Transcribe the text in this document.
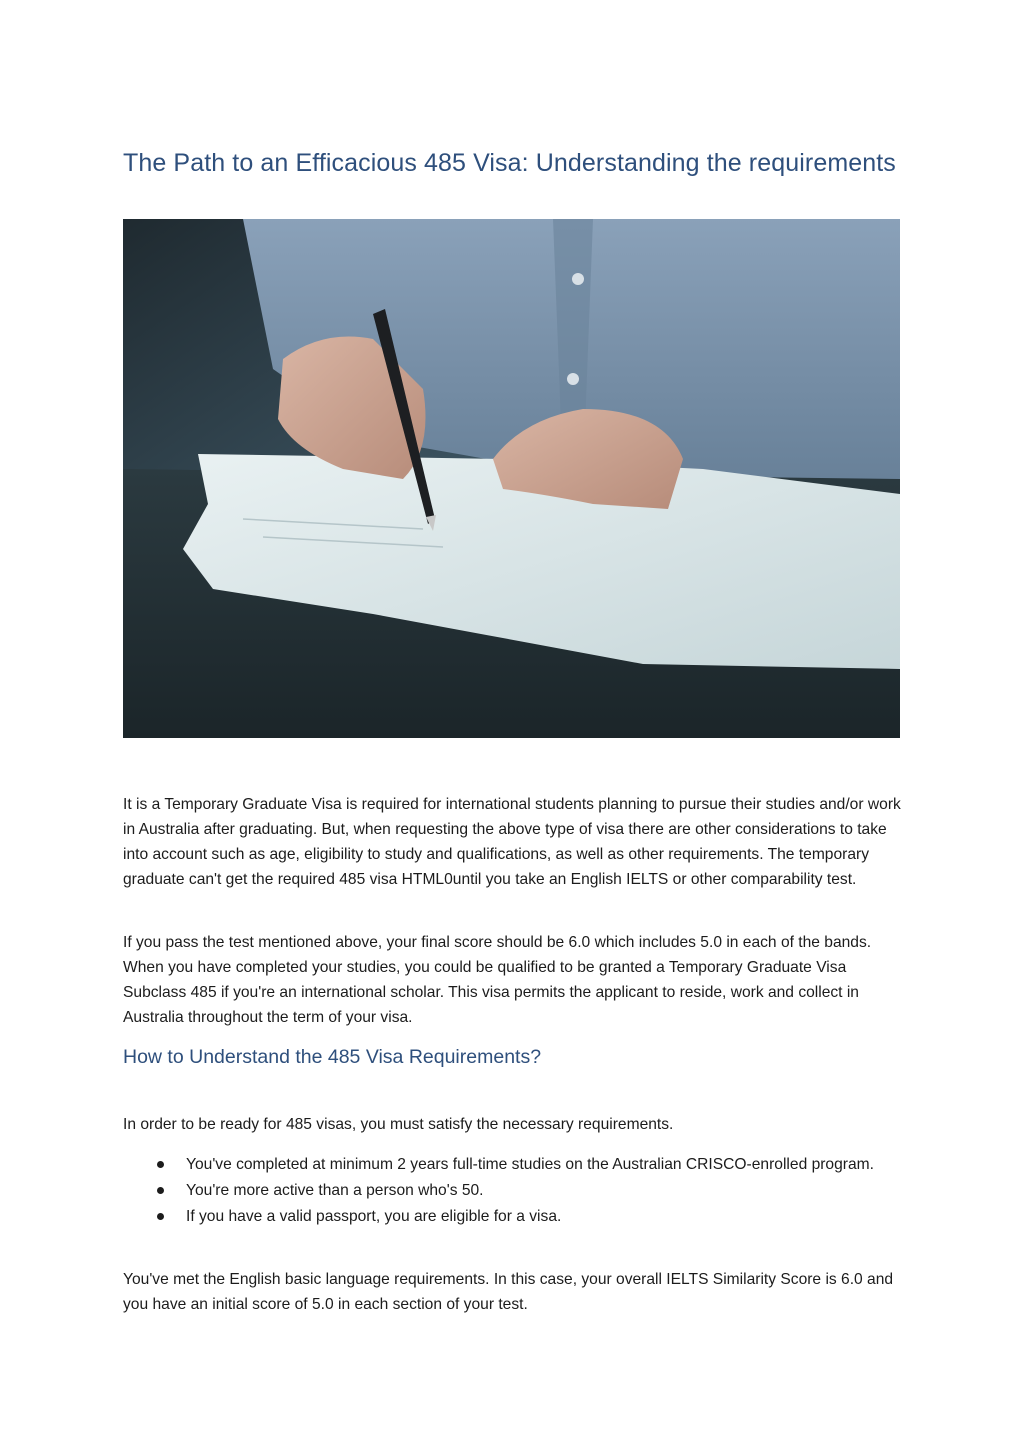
The Path to an Efficacious 485 Visa: Understanding the requirements

It is a Temporary Graduate Visa is required for international students planning to pursue their studies and/or work in Australia after graduating. But, when requesting the above type of visa there are other considerations to take into account such as age, eligibility to study and qualifications, as well as other requirements. The temporary graduate can't get the required 485 visa HTML0until you take an English IELTS or other comparability test.

If you pass the test mentioned above, your final score should be 6.0 which includes 5.0 in each of the bands. When you have completed your studies, you could be qualified to be granted a Temporary Graduate Visa Subclass 485 if you're an international scholar. This visa permits the applicant to reside, work and collect in Australia throughout the term of your visa.

How to Understand the 485 Visa Requirements?

In order to be ready for 485 visas, you must satisfy the necessary requirements.

You've completed at minimum 2 years full-time studies on the Australian CRISCO-enrolled program.
You're more active than a person who's 50.
If you have a valid passport, you are eligible for a visa.

You've met the English basic language requirements. In this case, your overall IELTS Similarity Score is 6.0 and you have an initial score of 5.0 in each section of your test.
